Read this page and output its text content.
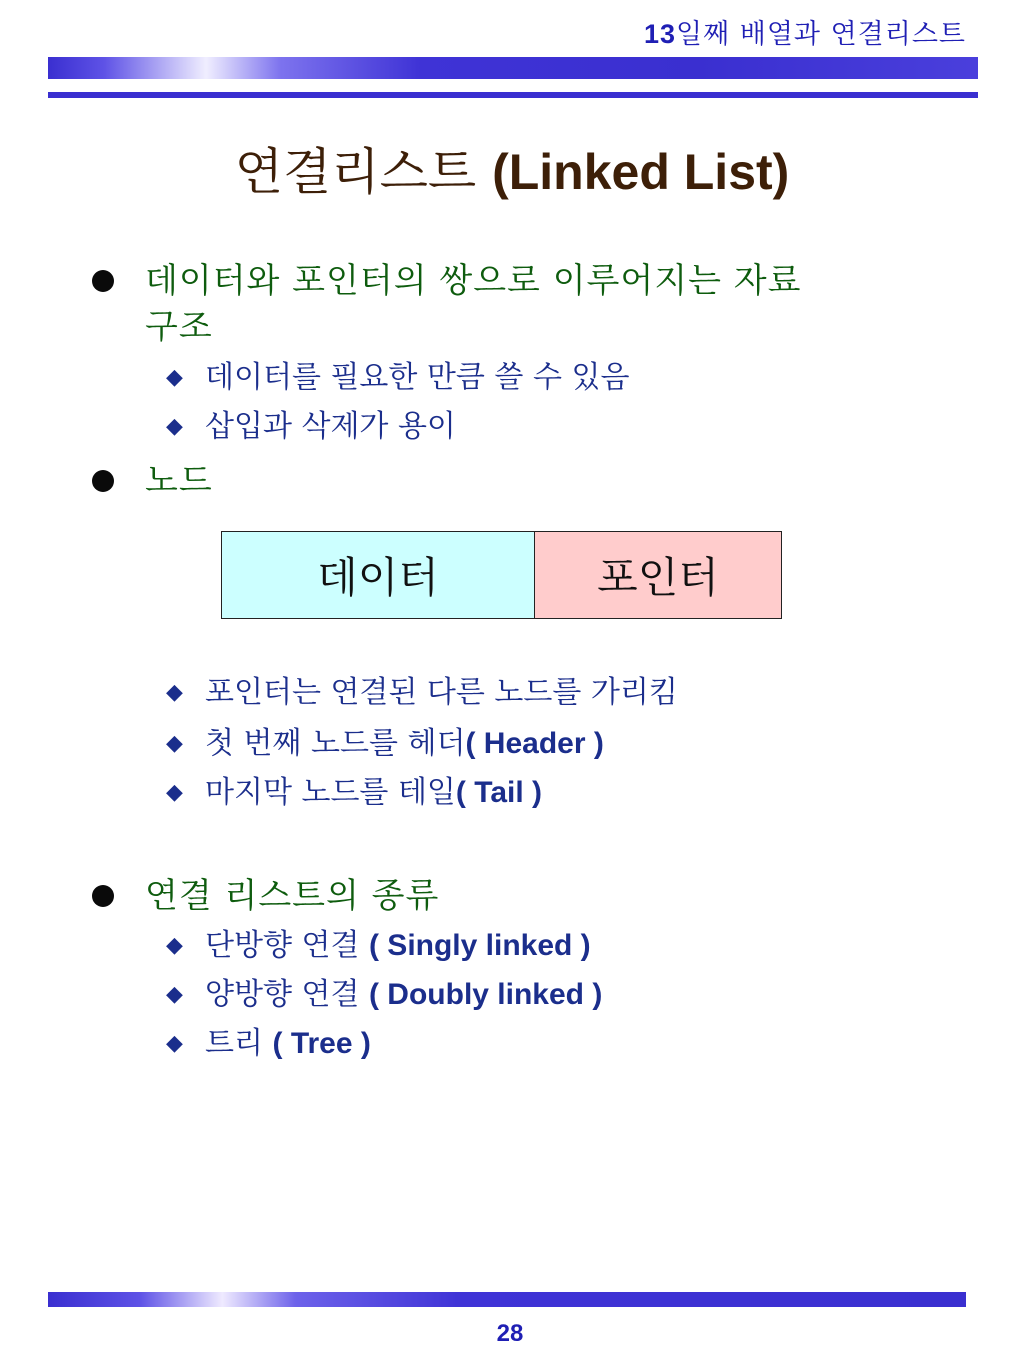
13일째 배열과 연결리스트
연결리스트 (Linked List)
데이터와 포인터의 쌍으로 이루어지는 자료
구조
◆ 데이터를 필요한 만큼 쓸 수 있음
◆ 삽입과 삭제가 용이
노드
데이터	포인터
◆ 포인터는 연결된 다른 노드를 가리킴
◆ 첫 번째 노드를 헤더( Header )
◆ 마지막 노드를 테일( Tail )
연결 리스트의 종류
◆ 단방향 연결 ( Singly linked )
◆ 양방향 연결 ( Doubly linked )
◆ 트리 ( Tree )
28
